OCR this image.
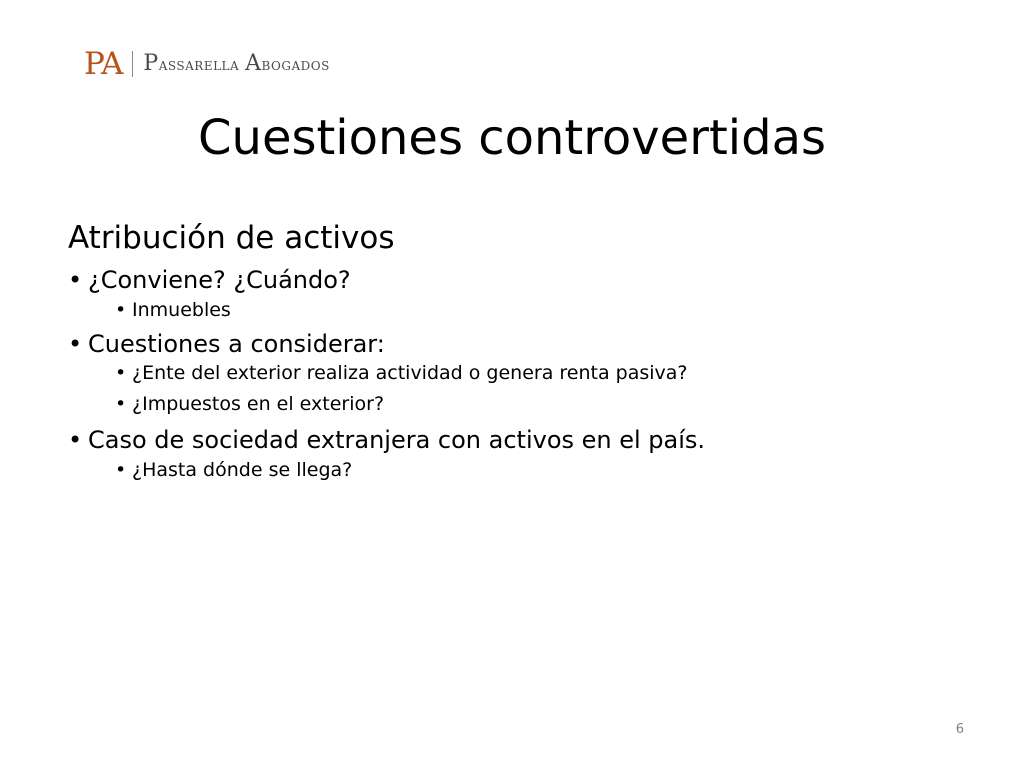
PA Passarella Abogados
Cuestiones controvertidas
Atribución de activos
• ¿Conviene? ¿Cuándo?
• Inmuebles
• Cuestiones a considerar:
• ¿Ente del exterior realiza actividad o genera renta pasiva?
• ¿Impuestos en el exterior?
• Caso de sociedad extranjera con activos en el país.
• ¿Hasta dónde se llega?
6
